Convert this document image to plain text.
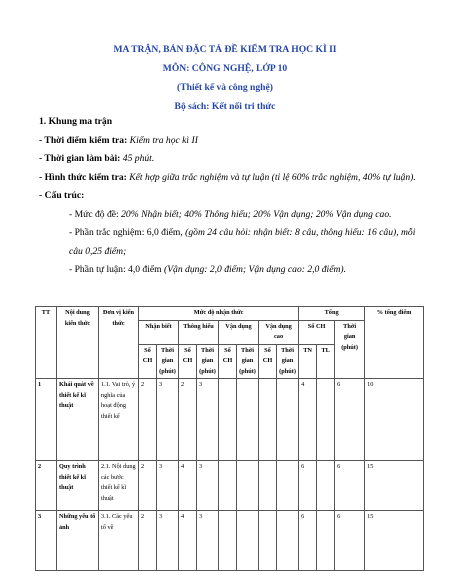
MA TRẬN, BẢN ĐẶC TẢ ĐỀ KIỂM TRA HỌC KÌ II
MÔN: CÔNG NGHỆ, LỚP 10
(Thiết kế và công nghệ)
Bộ sách: Kết nối tri thức
1. Khung ma trận
- Thời điểm kiểm tra: Kiểm tra học kì II
- Thời gian làm bài: 45 phút.
- Hình thức kiểm tra: Kết hợp giữa trắc nghiệm và tự luận (tỉ lệ 60% trắc nghiệm, 40% tự luận).
- Cấu trúc:
- Mức độ đề: 20% Nhận biết; 40% Thông hiểu; 20% Vận dụng; 20% Vận dụng cao.
- Phần trắc nghiệm: 6,0 điểm, (gồm 24 câu hỏi: nhận biết: 8 câu, thông hiểu: 16 câu), mỗi câu 0,25 điểm;
- Phần tự luận: 4,0 điểm (Vận dụng: 2,0 điểm; Vận dụng cao: 2,0 điểm).
TT	Nội dung kiến thức	Đơn vị kiến thức	Mức độ nhận thức								Tổng			% tổng điểm
			Nhận biết		Thông hiểu		Vận dụng		Vận dụng cao		Số CH		Thời gian (phút)	
			Số CH	Thời gian (phút)	Số CH	Thời gian (phút)	Số CH	Thời gian (phút)	Số CH	Thời gian (phút)	TN	TL		
1	Khái quát về thiết kế kĩ thuật	1.1. Vai trò, ý nghĩa của hoạt động thiết kế	2	3	2	3					4		6	10
2	Quy trình thiết kế kĩ thuật	2.1. Nội dung các bước thiết kế kĩ thuật	2	3	4	3					6		6	15
3	Những yếu tố ảnh	3.1. Các yếu tố về	2	3	4	3					6		6	15
